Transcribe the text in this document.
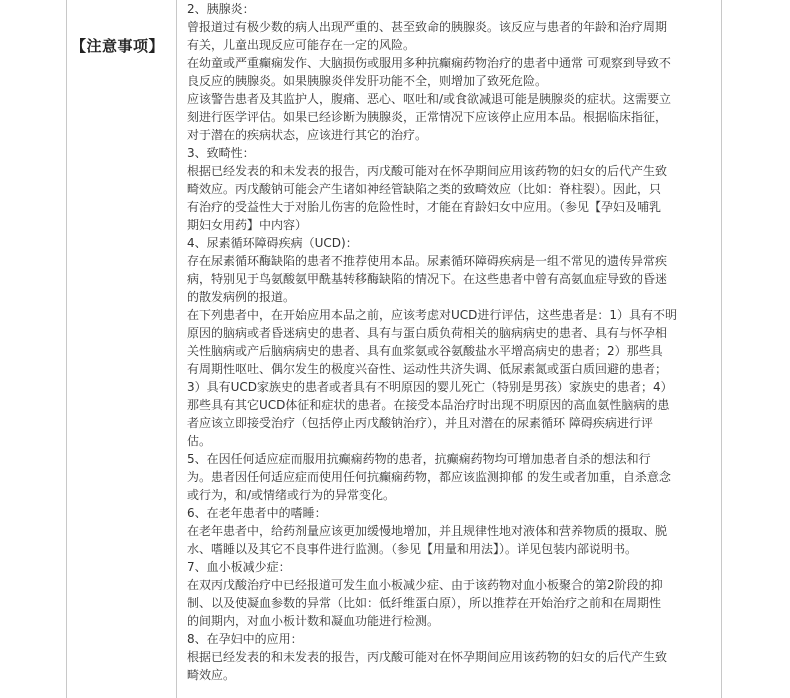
【注意事项】
2、胰腺炎：
曾报道过有极少数的病人出现严重的、甚至致命的胰腺炎。该反应与患者的年龄和治疗周期
有关，儿童出现反应可能存在一定的风险。
在幼童或严重癫痫发作、大脑损伤或服用多种抗癫痫药物治疗的患者中通常 可观察到导致不
良反应的胰腺炎。如果胰腺炎伴发肝功能不全，则增加了致死危险。
应该警告患者及其监护人，腹痛、恶心、呕吐和/或食欲减退可能是胰腺炎的症状。这需要立
刻进行医学评估。如果已经诊断为胰腺炎，正常情况下应该停止应用本品。根据临床指征，
对于潜在的疾病状态，应该进行其它的治疗。
3、致畸性：
根据已经发表的和未发表的报告，丙戊酸可能对在怀孕期间应用该药物的妇女的后代产生致
畸效应。丙戊酸钠可能会产生诸如神经管缺陷之类的致畸效应（比如：脊柱裂）。因此，只
有治疗的受益性大于对胎儿伤害的危险性时，才能在育龄妇女中应用。（参见【孕妇及哺乳
期妇女用药】中内容）
4、尿素循环障碍疾病（UCD)：
存在尿素循环酶缺陷的患者不推荐使用本品。尿素循环障碍疾病是一组不常见的遗传异常疾
病，特别见于鸟氨酸氨甲酰基转移酶缺陷的情况下。在这些患者中曾有高氨血症导致的昏迷
的散发病例的报道。
在下列患者中，在开始应用本品之前，应该考虑对UCD进行评估，这些患者是：1）具有不明
原因的脑病或者昏迷病史的患者、具有与蛋白质负荷相关的脑病病史的患者、具有与怀孕相
关性脑病或产后脑病病史的患者、具有血浆氨或谷氨酸盐水平增高病史的患者；2）那些具
有周期性呕吐、偶尔发生的极度兴奋性、运动性共济失调、低尿素氮或蛋白质回避的患者；
3）具有UCD家族史的患者或者具有不明原因的婴儿死亡（特别是男孩）家族史的患者；4）
那些具有其它UCD体征和症状的患者。在接受本品治疗时出现不明原因的高血氨性脑病的患
者应该立即接受治疗（包括停止丙戊酸钠治疗），并且对潜在的尿素循环 障碍疾病进行评
估。
5、在因任何适应症而服用抗癫痫药物的患者，抗癫痫药物均可增加患者自杀的想法和行
为。患者因任何适应症而使用任何抗癫痫药物，都应该监测抑郁 的发生或者加重，自杀意念
或行为，和/或情绪或行为的异常变化。
6、在老年患者中的嗜睡：
在老年患者中，给药剂量应该更加缓慢地增加，并且规律性地对液体和营养物质的摄取、脱
水、嗜睡以及其它不良事件进行监测。（参见【用量和用法】）。详见包装内部说明书。
7、血小板减少症：
在双丙戊酸治疗中已经报道可发生血小板减少症、由于该药物对血小板聚合的第2阶段的抑
制、以及使凝血参数的异常（比如：低纤维蛋白原），所以推荐在开始治疗之前和在周期性
的间期内，对血小板计数和凝血功能进行检测。
8、在孕妇中的应用：
根据已经发表的和未发表的报告，丙戊酸可能对在怀孕期间应用该药物的妇女的后代产生致
畸效应。
